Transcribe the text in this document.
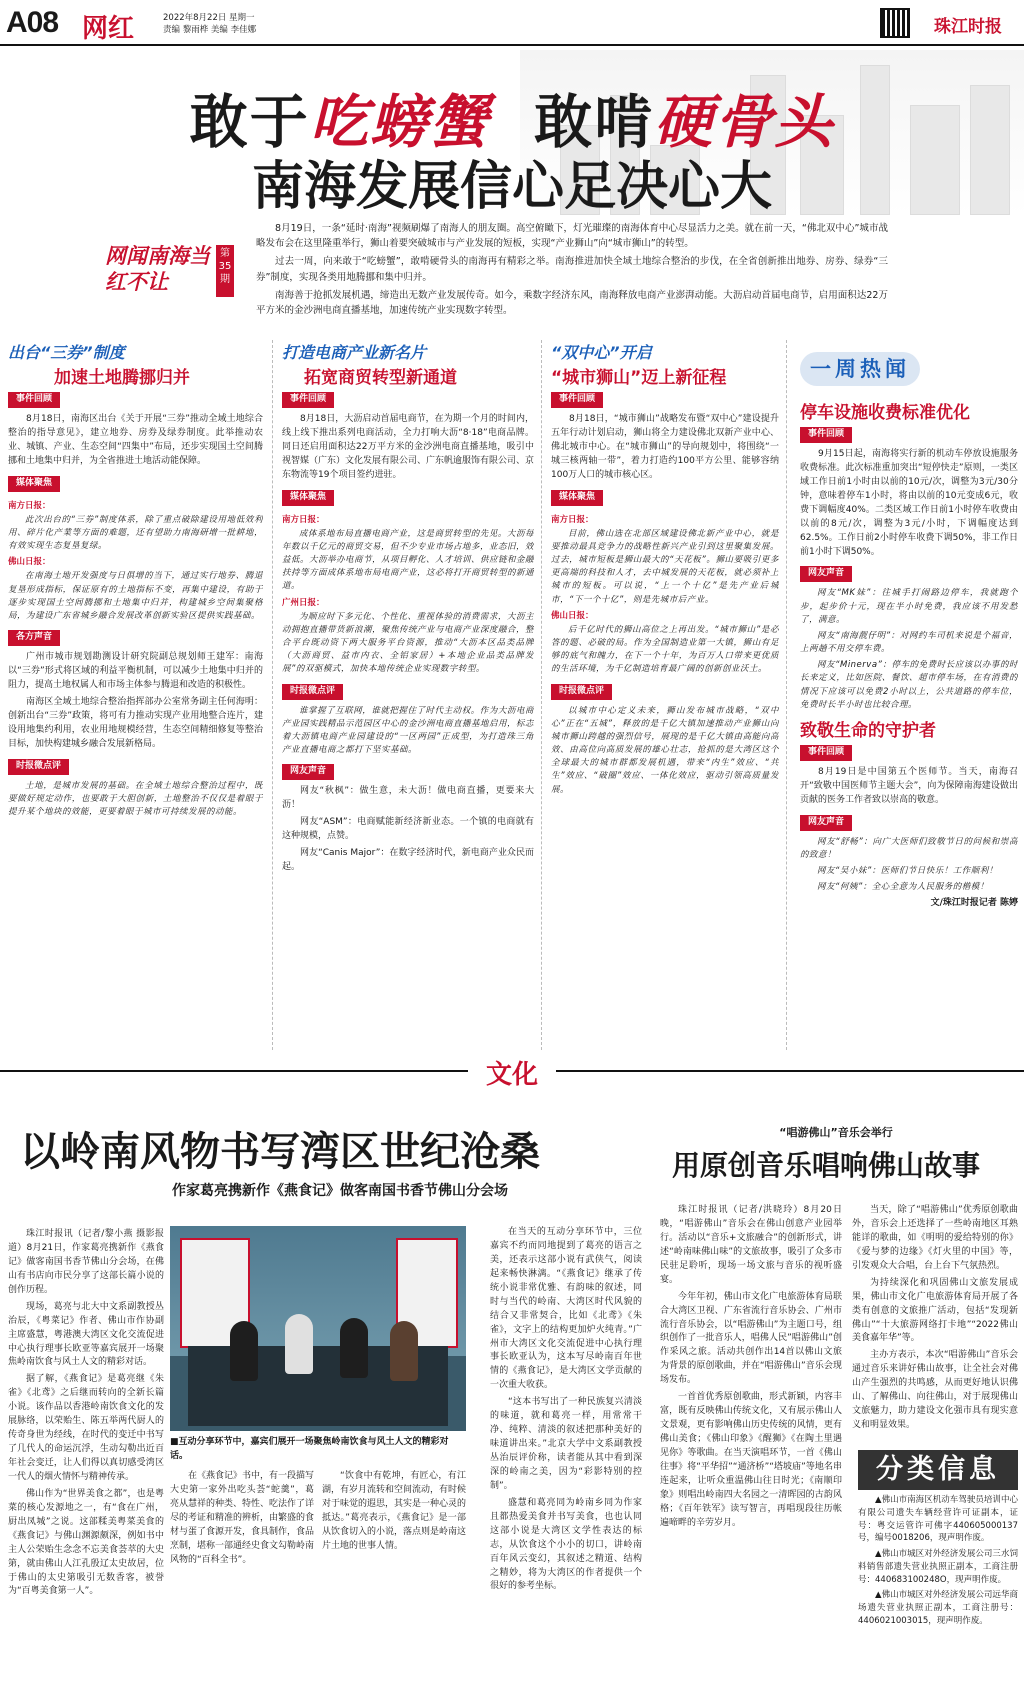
A08 网红	2022年8月22日 星期一
责编 黎雨桦 美编 李佳娜	珠江时报
敢于吃螃蟹 敢啃硬骨头
南海发展信心足决心大
网闻南海当红不让
第35期

8月19日，一条“延时·南海”视频刷爆了南海人的朋友圈。高空俯瞰下，灯光璀璨的南海体育中心尽显活力之美。就在前一天，“佛北双中心”城市战略发布会在这里隆重举行，狮山着要突破城市与产业发展的短板，实现“产业狮山”向“城市狮山”的转型。

过去一周，向来敢于“吃螃蟹”，敢啃硬骨头的南海再有精彩之举。南海推进加快全域土地综合整治的步伐，在全省创新推出地券、房券、绿券“三券”制度，实现各类用地腾挪和集中归并。

南海善于抢抓发展机遇，缔造出无数产业发展传奇。如今，乘数字经济东风，南海释放电商产业澎湃动能。大沥启动首届电商节，启用面积达22万平方米的金沙洲电商直播基地，加速传统产业实现数字转型。

出台“三券”制度
加速土地腾挪归并
事件回顾

8月18日，南海区出台《关于开展“三券”推动全域土地综合整治的指导意见》，建立地券、房券及绿券制度。此举推动农业、城镇、产业、生态空间“四集中”布局，还步实现国土空间腾挪和土地集中归并，为全省推进土地活动能保障。

媒体聚焦
南方日报：

此次出台的“三券”制度体系，除了重点破除建设用地低效利用、碎片化产業等方面的难题，还有望助力南海研增一批耕地，有效实现生态复垦复绿。

佛山日报：

在南海土地开发强度与日俱增的当下，通过实行地券、腾退复垦形成指标，保证原有的土地指标不变，再集中建设，有助于逐步实现国土空间腾挪和土地集中归并，构建城乡空间集聚格局，为建设广东省城乡融合发展改革创新实验区提供实践基础。

各方声音

广州市城市规划勘测设计研究院副总规划师王建军：南海以“三券”形式将区域的利益平衡机制，可以减少土地集中归并的阻力，提高土地权属人和市场主体参与腾退和改造的积极性。

南海区全域土地综合整治指挥部办公室常务副主任何海明：创新出台“三券”政策，将可有力推动实现产业用地整合连片，建设用地集约利用，农业用地规模经营，生态空间精细修复等整治目标，加快构建城乡融合发展新格局。

时报微点评

土地，是城市发展的基础。在全域土地综合整治过程中，既要做好规定动作，也要敢于大胆创新，土地整治不仅仅是着眼于提升某个地块的效能，更要着眼于城市可持续发展的动能。

打造电商产业新名片
拓宽商贸转型新通道
事件回顾

8月18日，大沥启动首届电商节，在为期一个月的时间内，线上线下推出系列电商活动，全力打响大沥“8·18”电商品牌。同日还启用面积达22万平方米的金沙洲电商直播基地，吸引中视智媒（广东）文化发展有限公司、广东帆逾服饰有限公司、京东物流等19个项目签约进驻。

媒体聚焦
南方日报：

成体系地布局直播电商产业，这是商贸转型的先见。大沥每年数以千亿元的商贸交易，但不少专业市场占地多，业态旧，效益低。大沥举办电商节，从项目孵化、人才培训、供应链和金融扶持等方面成体系地布局电商产业，这必将打开商贸转型的新通道。

广州日报：

为顺应时下多元化、个性化、重视体验的消费需求，大沥主动拥抱直播带货新浪潮，聚焦传统产业与电商产业深度融合，整合平台既动资下两大服务平台资源，推动“大沥本区品类品牌（大沥商贸、益市内衣、全铝家居）+本地企业品类品牌发展”的双驱模式，加快本地传统企业实现数字转型。

时报微点评

谁掌握了互联网，谁就把握住了时代主动权。作为大沥电商产业园实践精品示范园区中心的金沙洲电商直播基地启用，标志着大沥镇电商产业园建设的“一区两园”正成型，为打造珠三角产业直播电商之都打下坚实基础。

网友声音

网友“秋枫”：做生意，未大沥！做电商直播，更要来大沥！

网友“ASM”：电商赋能新经济新业态。一个镇的电商就有这种规模，点赞。

网友“Canis Major”：在数字经济时代，新电商产业众民而起。

“双中心”开启
“城市狮山”迈上新征程
事件回顾

8月18日，“城市狮山”战略发布暨“双中心”建设提升五年行动计划启动，狮山将全力建设佛北双新产业中心、佛北城市中心。在“城市狮山”的导向规划中，将围绕“一城三核两轴一带”，着力打造约100平方公里、能够容纳100万人口的城市核心区。

媒体聚焦
南方日报：

目前，佛山选在北部区域建设佛北新产业中心，就是要推动最具竞争力的战略性新兴产业引到这里聚集发展。过去，城市短板是狮山最大的“天花板”。狮山要吸引更多更高端的科技和人才，去中城发展的天花板，就必须补上城市的短板。可以说，“上一个十亿”是先产业后城市，“下一个十亿”，则是先城市后产业。

佛山日报：

后千亿时代的狮山高位之上再出发。“城市狮山”是必答的题、必破的局。作为全国制造业第一大镇，狮山有足够的底气和魄力，在下一个十年，为百万人口带来更优质的生活环境，为千亿制造培育最广阔的创新创业沃土。

时报微点评

以城市中心定义未来，狮山发布城市战略，“双中心”正在“五城”，释放的是千亿大镇加速推动产业狮山向城市狮山跨越的强烈信号，展现的是千亿大镇由高能向高效、由高位向高质发展的雄心壮志，抢抓的是大湾区这个全球最大的城市群都发展机遇，带来“内生”效应、“共生”效应、“破圈”效应、一体化效应，驱动引领高质量发展。

一周热闻
停车设施收费标准优化
事件回顾

9月15日起，南海将实行新的机动车停放设施服务收费标准。此次标准重加突出“短停快走”原则，一类区域工作日前1小时由以前的10元/次，调整为3元/30分钟，意味着停车1小时，将由以前的10元变成6元，收费下调幅度40%。二类区域工作日前1小时停车收费由以前的8元/次，调整为3元/小时，下调幅度达到62.5%。工作日前2小时停车收费下调50%，非工作日前1小时下调50%。

网友声音

网友“MK妹”：往城手打闹路边停车，我就跑个步，起步价十元，现在半小时免费，我应该不用发愁了，满意。

网友“南海靓仔明”：对网约车司机来说是个福音，上两趟不用交停车费。

网友“Minerva”：停车的免费时长应该以办事的时长来定义，比如医院、餐饮、超市停车场，在有消费的情况下应该可以免费2小时以上，公共道路的停车位，免费时长半小时也比较合理。

致敬生命的守护者
事件回顾

8月19日是中国第五个医师节。当天，南海召开“致敬中国医师节主题大会”，向为保障南海建设做出贡献的医务工作者致以崇高的敬意。

网友声音

网友“舒畅”：向广大医师们致敬节日的问候和崇高的致意！

网友“吴小妹”：医师们节日快乐！工作顺利！

网友“何姨”：全心全意为人民服务的楷模！

文/珠江时报记者 陈婷
文化
以岭南风物书写湾区世纪沧桑
作家葛亮携新作《燕食记》做客南国书香节佛山分会场
“唱游佛山”音乐会举行
用原创音乐唱响佛山故事

珠江时报讯（记者/黎小燕 摄影报道）8月21日，作家葛亮携新作《燕食记》做客南国书香节佛山分会场，在佛山有书店向市民分享了这部长篇小说的创作历程。

现场，葛亮与北大中文系副教授丛治辰，《粤菜记》作者、佛山市作协副主席盛慧，粤港澳大湾区文化交流促进中心执行理事长欧亚等嘉宾展开一场聚焦岭南饮食与风土人文的精彩对话。

据了解，《燕食记》是葛亮继《朱雀》《北鸢》之后继而转向的全新长篇小说。该作品以香港岭南饮食文化的发展脉络，以荣贻生、陈五举两代厨人的传奇身世为经线，在时代的变迁中书写了几代人的命运沉浮，生动勾勒出近百年社会变迁，让人们得以真切感受湾区一代人的烟火情怀与精神传承。

佛山作为“世界美食之都”，也是粤菜的核心发源地之一，有“食在广州，厨出凤城”之说。这部糅美粤菜美食的《燕食记》与佛山渊源颇深，例如书中主人公荣贻生念念不忘美食荟萃的大史第，就由佛山人江孔殷辽太史故居，位于佛山的太史第吸引无数香客，被誉为“百粤美食第一人”。

■互动分享环节中，嘉宾们展开一场聚焦岭南饮食与风土人文的精彩对话。

在《燕食记》书中，有一段描写大史第一家外出吃头荟“蛇羹”，葛亮从慧祥的种类、特性、吃法作了详尽的考证和精准的辨析，由繁盛的食材与蛋了食源开发，食具制作，食品烹制，堪称一部通经史食文勾勒岭南风物的“百科全书”。

“饮食中有乾坤，有匠心，有江湖，有岁月流转和空间流动，有时候对于味觉的遐思，其实是一种心灵的抵达。”葛亮表示，《燕食记》是一部从饮食切入的小说，落点则是岭南这片土地的世事人情。

在当天的互动分享环节中，三位嘉宾不约而同地提到了葛亮的语言之美，还表示这部小说有武侠气，阅读起来畅快淋漓。“《燕食记》继承了传统小说非常优雅、有韵味的叙述，同时与当代的岭南、大湾区时代风貌的结合又非常契合，比如《北鸢》《朱雀》，文字上的结构更加炉火纯青。”广州市大湾区文化交流促进中心执行理事长欧亚认为，这本写尽岭南百年世情的《燕食记》，是大湾区文学贡献的一次重大收获。

“这本书写出了一种民族复兴清淡的味道，就和葛亮一样，用常常干净、纯粹、清淡的叙述把那种美好的味道讲出来。”北京大学中文系副教授丛治辰评价称，读者能从其中看到深深的岭南之美，因为“彩影特别的控制”。

盛慧和葛亮同为岭南乡同为作家且都热爱美食并书写美食，也也认同这部小说是大湾区文学性表达的标志，从饮食这个小小的切口，讲岭南百年风云变幻，其叙述之精道、结构之精妙，将为大湾区的作者提供一个很好的参考坐标。

珠江时报讯（记者/洪晓玲）8月20日晚，“唱游佛山”音乐会在佛山创意产业园举行。活动以“音乐+文旅融合”的创新形式，讲述“岭南味佛山味”的文旅故事，吸引了众多市民驻足聆听，现场一场文旅与音乐的视听盛宴。

今年年初，佛山市文化广电旅游体育局联合大湾区卫视、广东省流行音乐协会、广州市流行音乐协会，以“唱游佛山”为主题口号，组织创作了一批音乐人，唱佛人民”唱游佛山”创作采风之旅。活动共创作出14首以佛山文旅为背景的原创歌曲，并在“唱游佛山”音乐会现场发布。

一首首优秀原创歌曲，形式新颖，内容丰富，既有反映佛山传统文化，又有展示佛山人文景观，更有影响佛山历史传统的风情，更有佛山美食；《佛山印象》《醒狮》《在陶土里遇见你》等歌曲。在当天演唱环节，一首《佛山往事》将“平华招”“通济桥”“塔坡庙”等地名串连起来，让听众重温佛山往日时光；《南顺印象》则唱出岭南四大名园之一清晖园的古韵风格；《百年铁军》读写智言，再唱现段往历帐遍啼畔的辛劳岁月。

当天，除了“唱游佛山”优秀原创歌曲外，音乐会上还选择了一些岭南地区耳熟能详的歌曲，如《明明的爱给特别的你》《爱与梦的边缘》《灯火里的中国》等，引发观众大合唱，台上台下气氛热烈。

为持续深化和巩固佛山文旅发展成果，佛山市文化广电旅游体育局开展了各类有创意的文旅推广活动，包括“发现新佛山”“十大旅游网络打卡地”“2022佛山美食嘉年华”等。

主办方表示，本次“唱游佛山”音乐会通过音乐来讲好佛山故事，让全社会对佛山产生强烈的共鸣感，从而更好地认识佛山、了解佛山、向往佛山，对于展现佛山文旅魅力，助力建设文化强市具有现实意义和明显效果。

分类信息

▲佛山市南海区机动车驾驶员培训中心有限公司遗失车辆经营许可证副本，证号：粤交运管许可佛字440605000137号，编号0018206，现声明作废。

▲佛山市城区对外经济发展公司三水饲料销售部遗失营业执照正副本，工商注册号：440683100248O，现声明作废。

▲佛山市城区对外经济发展公司远华商场遗失营业执照正副本，工商注册号：4406021003015，现声明作废。
